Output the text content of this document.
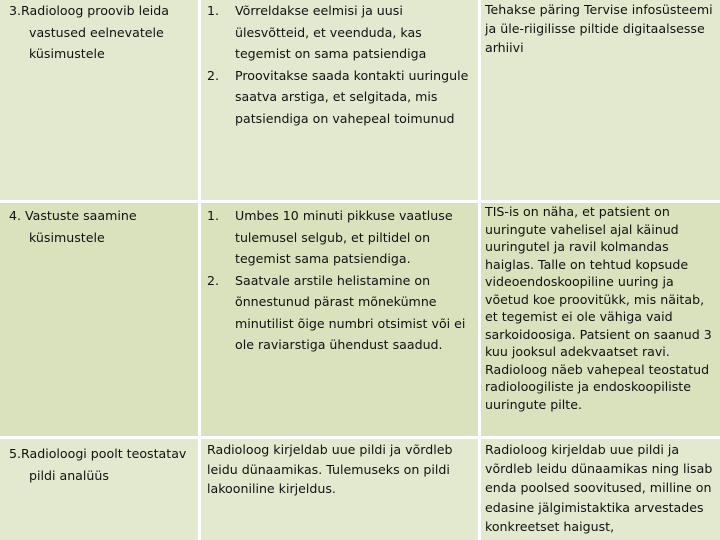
3.Radioloog proovib leida vastused eelnevatele küsimustele

1. Võrreldakse eelmisi ja uusi ülesvõtteid, et veenduda, kas tegemist on sama patsiendiga
2. Proovitakse saada kontakti uuringule saatva arstiga, et selgitada, mis patsiendiga on vahepeal toimunud
Tehakse päring Tervise infosüsteemi ja üle-riigilisse piltide digitaalsesse arhiivi

4. Vastuste saamine küsimustele

1. Umbes 10 minuti pikkuse vaatluse tulemusel selgub, et piltidel on tegemist sama patsiendiga.
2. Saatvale arstile helistamine on õnnestunud pärast mõnekümne minutilist õige numbri otsimist või ei ole raviarstiga ühendust saadud.
TIS-is on näha, et patsient on uuringute vahelisel ajal käinud uuringutel ja ravil kolmandas haiglas. Talle on tehtud kopsude videoendoskoopiline uuring ja võetud koe proovitükk, mis näitab, et tegemist ei ole vähiga vaid sarkoidoosiga. Patsient on saanud 3 kuu jooksul adekvaatset ravi. Radioloog näeb vahepeal teostatud radioloogiliste ja endoskoopiliste uuringute pilte.

5.Radioloogi poolt teostatav pildi analüüs

Radioloog kirjeldab uue pildi ja võrdleb leidu dünaamikas. Tulemuseks on pildi lakooniline kirjeldus.
Radioloog kirjeldab uue pildi ja võrdleb leidu dünaamikas ning lisab enda poolsed soovitused, milline on edasine jälgimistaktika arvestades konkreetset haigust,
